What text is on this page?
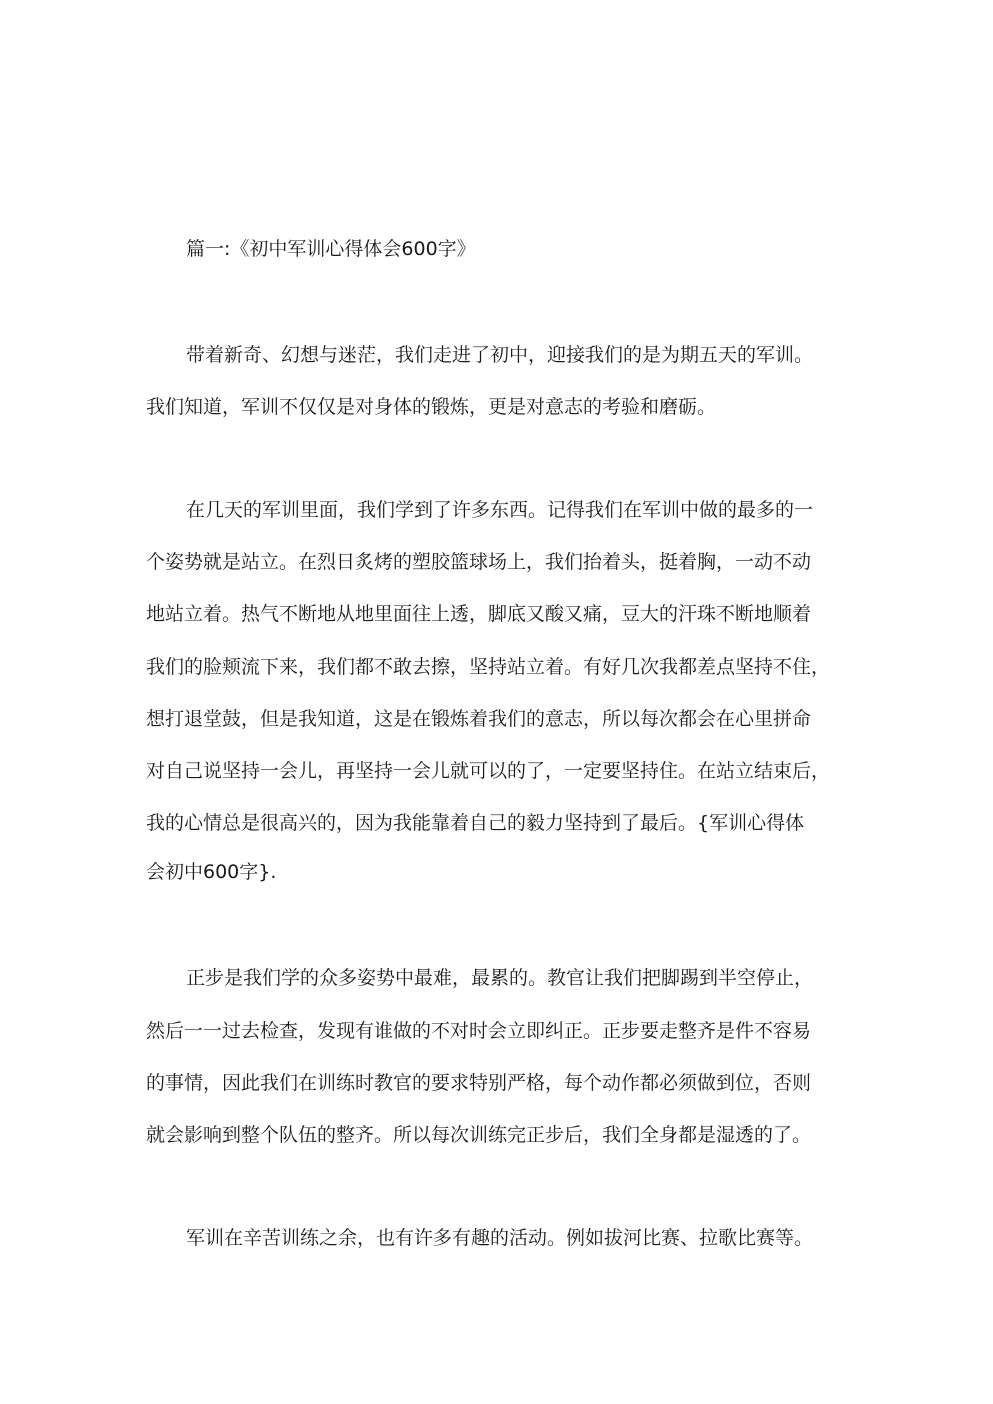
篇一:《初中军训心得体会600字》
带着新奇、幻想与迷茫，我们走进了初中，迎接我们的是为期五天的军训。
我们知道，军训不仅仅是对身体的锻炼，更是对意志的考验和磨砺。
在几天的军训里面，我们学到了许多东西。记得我们在军训中做的最多的一
个姿势就是站立。在烈日炙烤的塑胶篮球场上，我们抬着头，挺着胸，一动不动
地站立着。热气不断地从地里面往上透，脚底又酸又痛，豆大的汗珠不断地顺着
我们的脸颊流下来，我们都不敢去擦，坚持站立着。有好几次我都差点坚持不住，
想打退堂鼓，但是我知道，这是在锻炼着我们的意志，所以每次都会在心里拼命
对自己说坚持一会儿，再坚持一会儿就可以的了，一定要坚持住。在站立结束后，
我的心情总是很高兴的，因为我能靠着自己的毅力坚持到了最后。{军训心得体
会初中600字}.
正步是我们学的众多姿势中最难，最累的。教官让我们把脚踢到半空停止，
然后一一过去检查，发现有谁做的不对时会立即纠正。正步要走整齐是件不容易
的事情，因此我们在训练时教官的要求特别严格，每个动作都必须做到位，否则
就会影响到整个队伍的整齐。所以每次训练完正步后，我们全身都是湿透的了。
军训在辛苦训练之余，也有许多有趣的活动。例如拔河比赛、拉歌比赛等。
